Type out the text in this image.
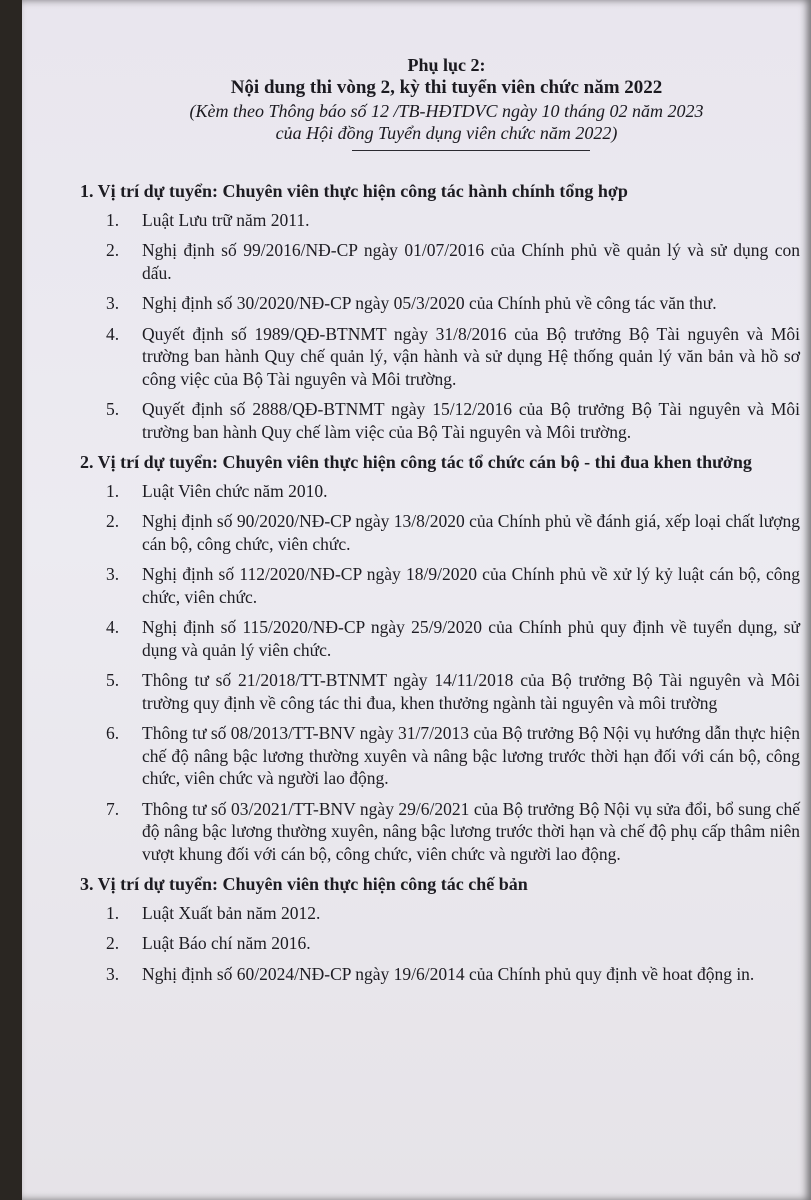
Phụ lục 2:
Nội dung thi vòng 2, kỳ thi tuyển viên chức năm 2022
(Kèm theo Thông báo số 12 /TB-HĐTDVC ngày 10 tháng 02 năm 2023
của Hội đồng Tuyển dụng viên chức năm 2022)
1. Vị trí dự tuyển: Chuyên viên thực hiện công tác hành chính tổng hợp
1.	Luật Lưu trữ năm 2011.
2.	Nghị định số 99/2016/NĐ-CP ngày 01/07/2016 của Chính phủ về quản lý và sử dụng con dấu.
3.	Nghị định số 30/2020/NĐ-CP ngày 05/3/2020 của Chính phủ về công tác văn thư.
4.	Quyết định số 1989/QĐ-BTNMT ngày 31/8/2016 của Bộ trưởng Bộ Tài nguyên và Môi trường ban hành Quy chế quản lý, vận hành và sử dụng Hệ thống quản lý văn bản và hồ sơ công việc của Bộ Tài nguyên và Môi trường.
5.	Quyết định số 2888/QĐ-BTNMT ngày 15/12/2016 của Bộ trưởng Bộ Tài nguyên và Môi trường ban hành Quy chế làm việc của Bộ Tài nguyên và Môi trường.
2. Vị trí dự tuyển: Chuyên viên thực hiện công tác tổ chức cán bộ - thi đua khen thưởng
1.	Luật Viên chức năm 2010.
2.	Nghị định số 90/2020/NĐ-CP ngày 13/8/2020 của Chính phủ về đánh giá, xếp loại chất lượng cán bộ, công chức, viên chức.
3.	Nghị định số 112/2020/NĐ-CP ngày 18/9/2020 của Chính phủ về xử lý kỷ luật cán bộ, công chức, viên chức.
4.	Nghị định số 115/2020/NĐ-CP ngày 25/9/2020 của Chính phủ quy định về tuyển dụng, sử dụng và quản lý viên chức.
5.	Thông tư số 21/2018/TT-BTNMT ngày 14/11/2018 của Bộ trưởng Bộ Tài nguyên và Môi trường quy định về công tác thi đua, khen thưởng ngành tài nguyên và môi trường
6.	Thông tư số 08/2013/TT-BNV ngày 31/7/2013 của Bộ trưởng Bộ Nội vụ hướng dẫn thực hiện chế độ nâng bậc lương thường xuyên và nâng bậc lương trước thời hạn đối với cán bộ, công chức, viên chức và người lao động.
7.	Thông tư số 03/2021/TT-BNV ngày 29/6/2021 của Bộ trưởng Bộ Nội vụ sửa đổi, bổ sung chế độ nâng bậc lương thường xuyên, nâng bậc lương trước thời hạn và chế độ phụ cấp thâm niên vượt khung đối với cán bộ, công chức, viên chức và người lao động.
3. Vị trí dự tuyển: Chuyên viên thực hiện công tác chế bản
1.	Luật Xuất bản năm 2012.
2.	Luật Báo chí năm 2016.
3.	Nghị định số 60/2024/NĐ-CP ngày 19/6/2014 của Chính phủ quy định về hoat động in.
